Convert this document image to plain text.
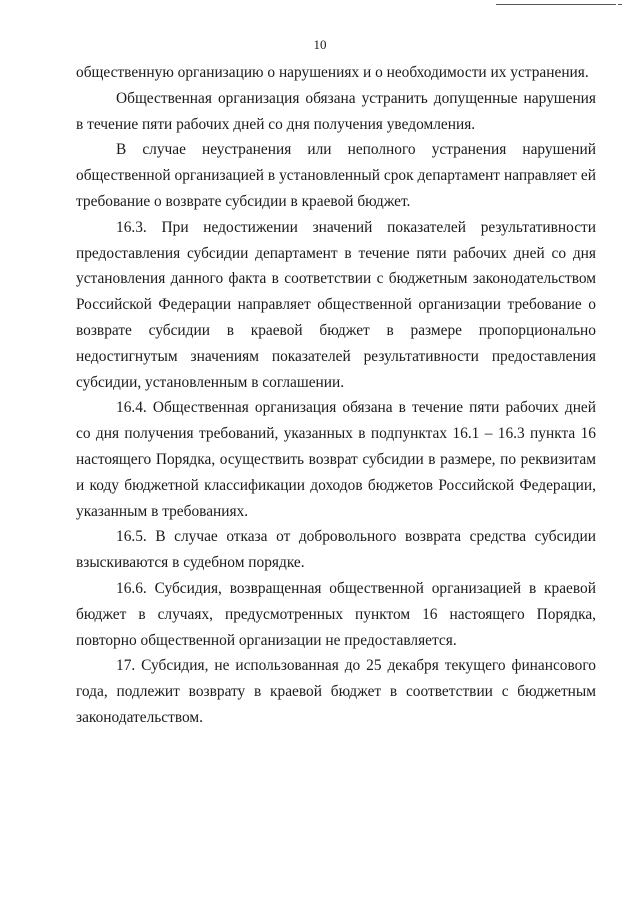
10

общественную организацию о нарушениях и о необходимости их устранения.

Общественная организация обязана устранить допущенные нарушения в течение пяти рабочих дней со дня получения уведомления.

В случае неустранения или неполного устранения нарушений общественной организацией в установленный срок департамент направляет ей требование о возврате субсидии в краевой бюджет.

16.3. При недостижении значений показателей результативности предоставления субсидии департамент в течение пяти рабочих дней со дня установления данного факта в соответствии с бюджетным законодательством Российской Федерации направляет общественной организации требование о возврате субсидии в краевой бюджет в размере пропорционально недостигнутым значениям показателей результативности предоставления субсидии, установленным в соглашении.

16.4. Общественная организация обязана в течение пяти рабочих дней со дня получения требований, указанных в подпунктах 16.1 – 16.3 пункта 16 настоящего Порядка, осуществить возврат субсидии в размере, по реквизитам и коду бюджетной классификации доходов бюджетов Российской Федерации, указанным в требованиях.

16.5. В случае отказа от добровольного возврата средства субсидии взыскиваются в судебном порядке.

16.6. Субсидия, возвращенная общественной организацией в краевой бюджет в случаях, предусмотренных пунктом 16 настоящего Порядка, повторно общественной организации не предоставляется.

17. Субсидия, не использованная до 25 декабря текущего финансового года, подлежит возврату в краевой бюджет в соответствии с бюджетным законодательством.
